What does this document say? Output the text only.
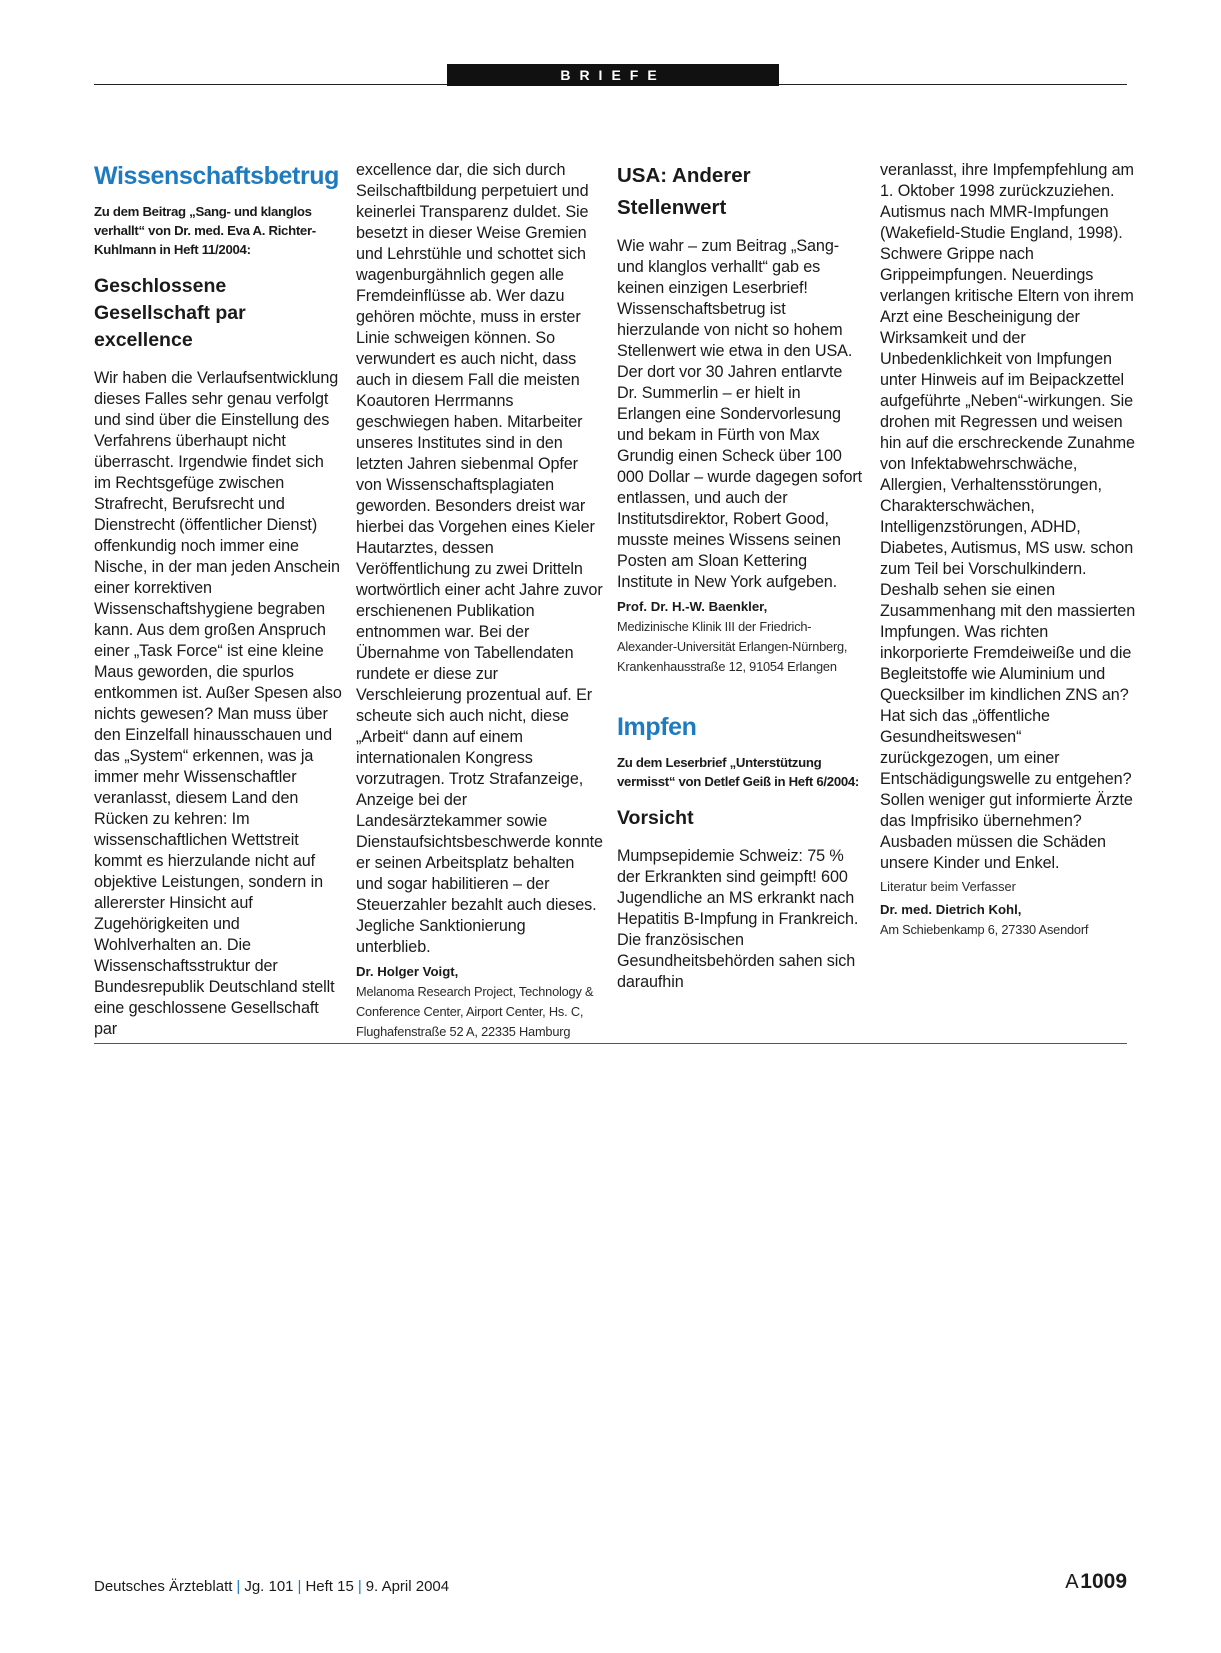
BRIEFE
Wissenschaftsbetrug

Zu dem Beitrag „Sang- und klanglos verhallt“ von Dr. med. Eva A. Richter-Kuhlmann in Heft 11/2004:

Geschlossene Gesellschaft par excellence

Wir haben die Verlaufsentwicklung dieses Falles sehr genau verfolgt und sind über die Einstellung des Verfahrens überhaupt nicht überrascht. Irgendwie findet sich im Rechtsgefüge zwischen Strafrecht, Berufsrecht und Dienstrecht (öffentlicher Dienst) offenkundig noch immer eine Nische, in der man jeden Anschein einer korrektiven Wissenschaftshygiene begraben kann. Aus dem großen Anspruch einer „Task Force“ ist eine kleine Maus geworden, die spurlos entkommen ist. Außer Spesen also nichts gewesen? Man muss über den Einzelfall hinausschauen und das „System“ erkennen, was ja immer mehr Wissenschaftler veranlasst, diesem Land den Rücken zu kehren: Im wissenschaftlichen Wettstreit kommt es hierzulande nicht auf objektive Leistungen, sondern in allererster Hinsicht auf Zugehörigkeiten und Wohlverhalten an. Die Wissenschaftsstruktur der Bundesrepublik Deutschland stellt eine geschlossene Gesellschaft par

excellence dar, die sich durch Seilschaftbildung perpetuiert und keinerlei Transparenz duldet. Sie besetzt in dieser Weise Gremien und Lehrstühle und schottet sich wagenburgähnlich gegen alle Fremdeinflüsse ab. Wer dazu gehören möchte, muss in erster Linie schweigen können. So verwundert es auch nicht, dass auch in diesem Fall die meisten Koautoren Herrmanns geschwiegen haben. Mitarbeiter unseres Institutes sind in den letzten Jahren siebenmal Opfer von Wissenschaftsplagiaten geworden. Besonders dreist war hierbei das Vorgehen eines Kieler Hautarztes, dessen Veröffentlichung zu zwei Dritteln wortwörtlich einer acht Jahre zuvor erschienenen Publikation entnommen war. Bei der Übernahme von Tabellendaten rundete er diese zur Verschleierung prozentual auf. Er scheute sich auch nicht, diese „Arbeit“ dann auf einem internationalen Kongress vorzutragen. Trotz Strafanzeige, Anzeige bei der Landesärztekammer sowie Dienstaufsichtsbeschwerde konnte er seinen Arbeitsplatz behalten und sogar habilitieren – der Steuerzahler bezahlt auch dieses. Jegliche Sanktionierung unterblieb.

Dr. Holger Voigt,

Melanoma Research Project, Technology & Conference Center, Airport Center, Hs. C, Flughafenstraße 52 A, 22335 Hamburg

USA: Anderer Stellenwert

Wie wahr – zum Beitrag „Sang- und klanglos verhallt“ gab es keinen einzigen Leserbrief! Wissenschaftsbetrug ist hierzulande von nicht so hohem Stellenwert wie etwa in den USA. Der dort vor 30 Jahren entlarvte Dr. Summerlin – er hielt in Erlangen eine Sondervorlesung und bekam in Fürth von Max Grundig einen Scheck über 100 000 Dollar – wurde dagegen sofort entlassen, und auch der Institutsdirektor, Robert Good, musste meines Wissens seinen Posten am Sloan Kettering Institute in New York aufgeben.

Prof. Dr. H.-W. Baenkler,

Medizinische Klinik III der Friedrich-Alexander-Universität Erlangen-Nürnberg, Krankenhausstraße 12, 91054 Erlangen

Impfen

Zu dem Leserbrief „Unterstützung vermisst“ von Detlef Geiß in Heft 6/2004:

Vorsicht

Mumpsepidemie Schweiz: 75 % der Erkrankten sind geimpft! 600 Jugendliche an MS erkrankt nach Hepatitis B-Impfung in Frankreich. Die französischen Gesundheitsbehörden sahen sich daraufhin

veranlasst, ihre Impfempfehlung am 1. Oktober 1998 zurückzuziehen. Autismus nach MMR-Impfungen (Wakefield-Studie England, 1998). Schwere Grippe nach Grippeimpfungen. Neuerdings verlangen kritische Eltern von ihrem Arzt eine Bescheinigung der Wirksamkeit und der Unbedenklichkeit von Impfungen unter Hinweis auf im Beipackzettel aufgeführte „Neben“-wirkungen. Sie drohen mit Regressen und weisen hin auf die erschreckende Zunahme von Infektabwehrschwäche, Allergien, Verhaltensstörungen, Charakterschwächen, Intelligenzstörungen, ADHD, Diabetes, Autismus, MS usw. schon zum Teil bei Vorschulkindern. Deshalb sehen sie einen Zusammenhang mit den massierten Impfungen. Was richten inkorporierte Fremdeiweiße und die Begleitstoffe wie Aluminium und Quecksilber im kindlichen ZNS an? Hat sich das „öffentliche Gesundheitswesen“ zurückgezogen, um einer Entschädigungswelle zu entgehen? Sollen weniger gut informierte Ärzte das Impfrisiko übernehmen? Ausbaden müssen die Schäden unsere Kinder und Enkel.

Literatur beim Verfasser

Dr. med. Dietrich Kohl,

Am Schiebenkamp 6, 27330 Asendorf

Deutsches Ärzteblatt | Jg. 101 | Heft 15 | 9. April 2004	A 1009
